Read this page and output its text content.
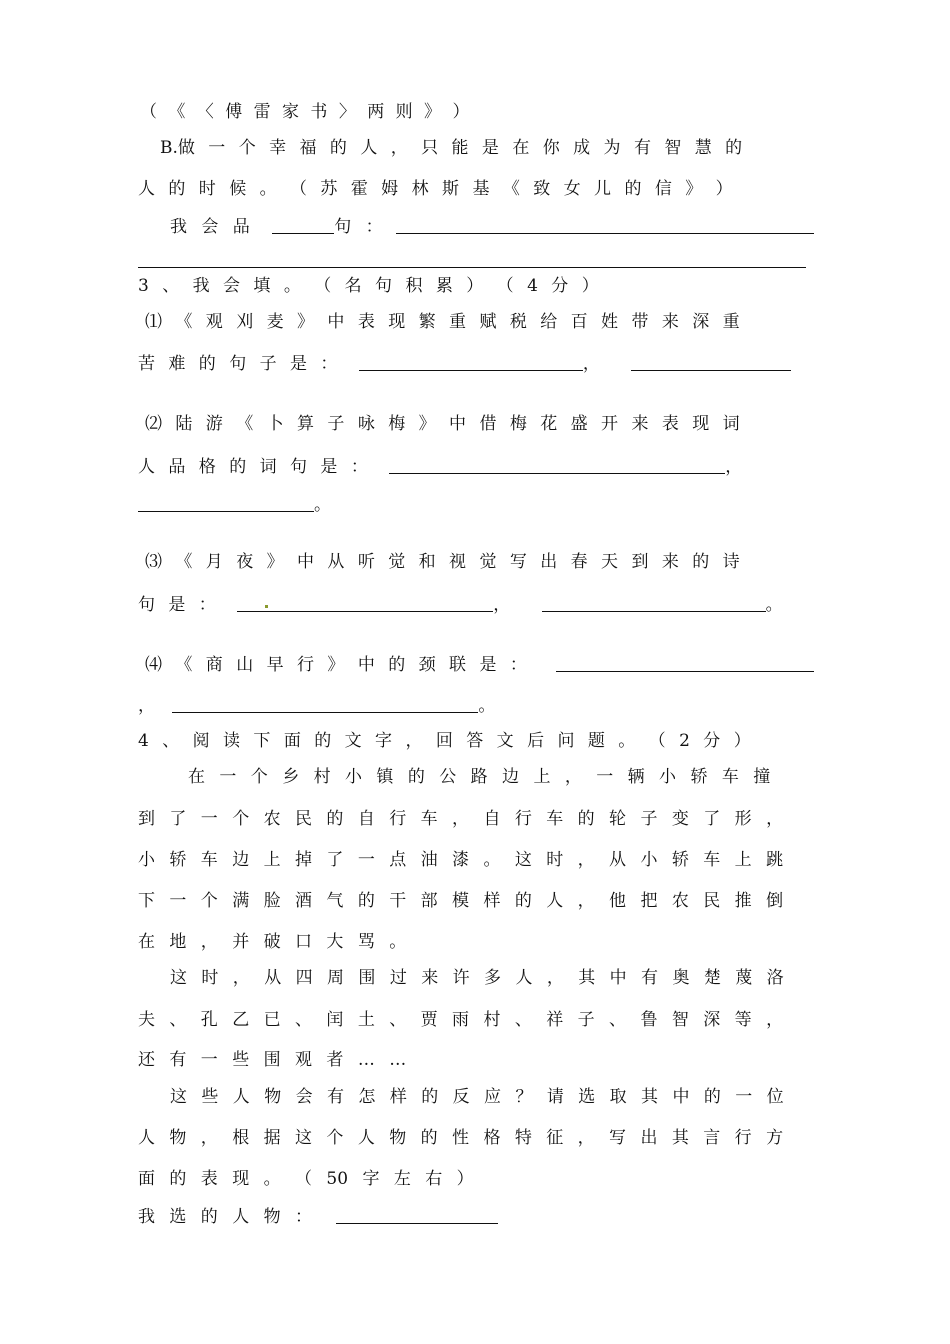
（ 《 〈 傅 雷 家 书 〉 两 则 》 ）
B.做 一 个 幸 福 的 人 ， 只 能 是 在 你 成 为 有 智 慧 的
人 的 时 候 。 （ 苏 霍 姆 林 斯 基 《 致 女 儿 的 信 》 ）
我 会 品	句 ：
3 、 我 会 填 。 （ 名 句 积 累 ） （ 4 分 ）
⑴ 《 观 刈 麦 》 中 表 现 繁 重 赋 税 给 百 姓 带 来 深 重
苦 难 的 句 子 是 ：	，
⑵ 陆 游 《 卜 算 子 咏 梅 》 中 借 梅 花 盛 开 来 表 现 词
人 品 格 的 词 句 是 ：	，
。
⑶ 《 月 夜 》 中 从 听 觉 和 视 觉 写 出 春 天 到 来 的 诗
句 是 ：	，	。
⑷ 《 商 山 早 行 》 中 的 颈 联 是 ：
，	。
4 、 阅 读 下 面 的 文 字 ， 回 答 文 后 问 题 。 （ 2 分 ）
在 一 个 乡 村 小 镇 的 公 路 边 上 ， 一 辆 小 轿 车 撞
到 了 一 个 农 民 的 自 行 车 ， 自 行 车 的 轮 子 变 了 形 ，
小 轿 车 边 上 掉 了 一 点 油 漆 。 这 时 ， 从 小 轿 车 上 跳
下 一 个 满 脸 酒 气 的 干 部 模 样 的 人 ， 他 把 农 民 推 倒
在 地 ， 并 破 口 大 骂 。
这 时 ， 从 四 周 围 过 来 许 多 人 ， 其 中 有 奥 楚 蔑 洛
夫 、 孔 乙 已 、 闰 土 、 贾 雨 村 、 祥 子 、 鲁 智 深 等 ，
还 有 一 些 围 观 者 … …
这 些 人 物 会 有 怎 样 的 反 应 ？ 请 选 取 其 中 的 一 位
人 物 ， 根 据 这 个 人 物 的 性 格 特 征 ， 写 出 其 言 行 方
面 的 表 现 。 （ 50 字 左 右 ）
我 选 的 人 物 ：
